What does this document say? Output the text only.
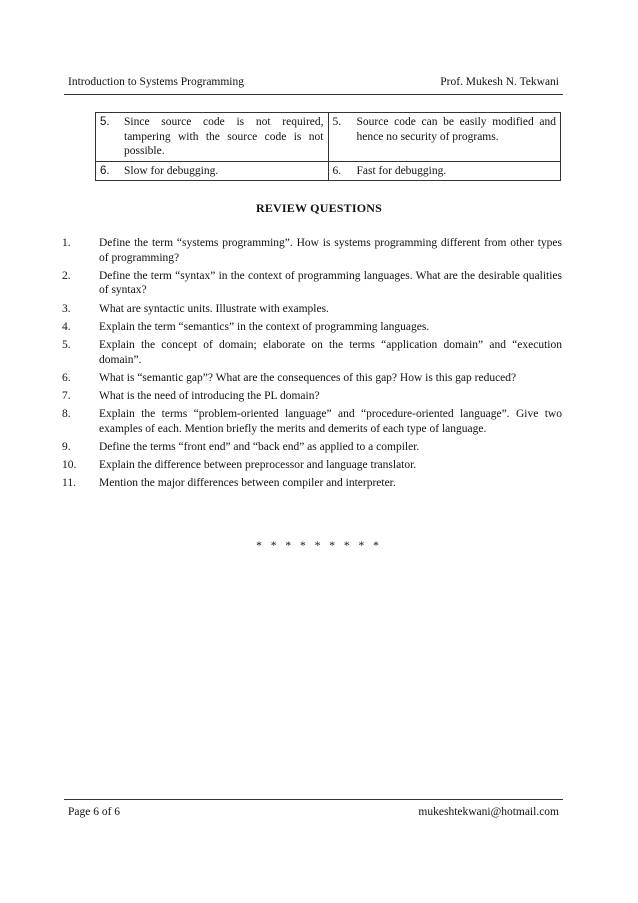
Introduction to Systems Programming	Prof. Mukesh N. Tekwani
5. Since source code is not required, tampering with the source code is not possible.	5. Source code can be easily modified and hence no security of programs.

6. Slow for debugging.	6. Fast for debugging.
REVIEW QUESTIONS
1.	Define the term “systems programming”. How is systems programming different from other types of programming?
2.	Define the term “syntax” in the context of programming languages. What are the desirable qualities of syntax?
3.	What are syntactic units. Illustrate with examples.
4.	Explain the term “semantics” in the context of programming languages.
5.	Explain the concept of domain; elaborate on the terms “application domain” and “execution domain”.
6.	What is “semantic gap”? What are the consequences of this gap? How is this gap reduced?
7.	What is the need of introducing the PL domain?
8.	Explain the terms “problem-oriented language” and “procedure-oriented language”. Give two examples of each. Mention briefly the merits and demerits of each type of language.
9.	Define the terms “front end” and “back end” as applied to a compiler.
10.	Explain the difference between preprocessor and language translator.
11.	Mention the major differences between compiler and interpreter.
* * * * * * * * *
Page 6 of 6	mukeshtekwani@hotmail.com
